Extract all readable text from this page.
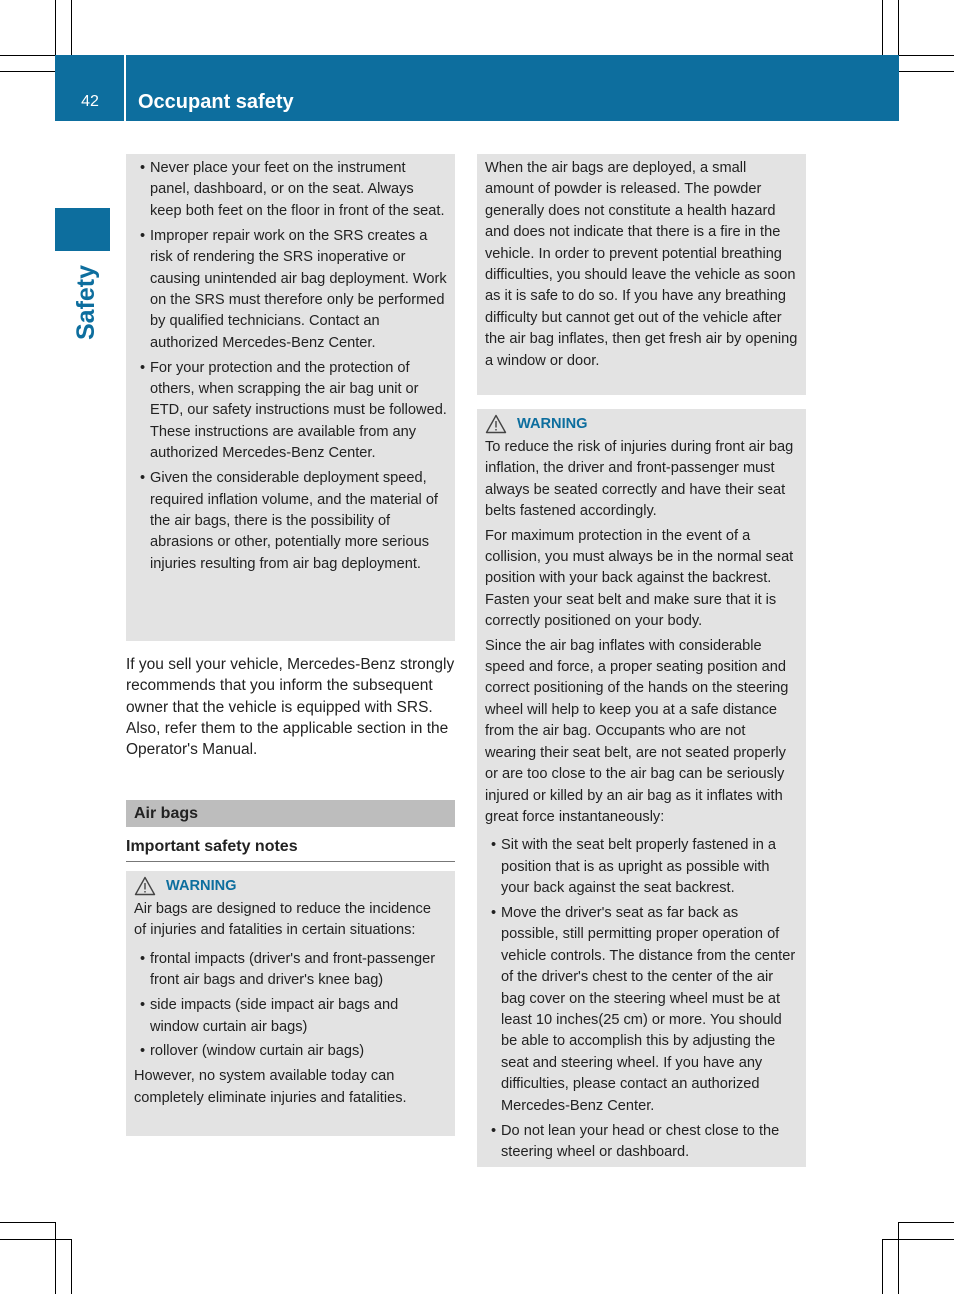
42	Occupant safety
Safety
• Never place your feet on the instrument panel, dashboard, or on the seat. Always keep both feet on the floor in front of the seat.
• Improper repair work on the SRS creates a risk of rendering the SRS inoperative or causing unintended air bag deployment. Work on the SRS must therefore only be performed by qualified technicians. Contact an authorized Mercedes-Benz Center.
• For your protection and the protection of others, when scrapping the air bag unit or ETD, our safety instructions must be followed. These instructions are available from any authorized Mercedes-Benz Center.
• Given the considerable deployment speed, required inflation volume, and the material of the air bags, there is the possibility of abrasions or other, potentially more serious injuries resulting from air bag deployment.

If you sell your vehicle, Mercedes-Benz strongly recommends that you inform the subsequent owner that the vehicle is equipped with SRS. Also, refer them to the applicable section in the Operator's Manual.

Air bags
Important safety notes
WARNING

Air bags are designed to reduce the incidence of injuries and fatalities in certain situations:

• frontal impacts (driver's and front-passenger front air bags and driver's knee bag)
• side impacts (side impact air bags and window curtain air bags)
• rollover (window curtain air bags)

However, no system available today can completely eliminate injuries and fatalities.

When the air bags are deployed, a small amount of powder is released. The powder generally does not constitute a health hazard and does not indicate that there is a fire in the vehicle. In order to prevent potential breathing difficulties, you should leave the vehicle as soon as it is safe to do so. If you have any breathing difficulty but cannot get out of the vehicle after the air bag inflates, then get fresh air by opening a window or door.

WARNING

To reduce the risk of injuries during front air bag inflation, the driver and front-passenger must always be seated correctly and have their seat belts fastened accordingly.

For maximum protection in the event of a collision, you must always be in the normal seat position with your back against the backrest. Fasten your seat belt and make sure that it is correctly positioned on your body.

Since the air bag inflates with considerable speed and force, a proper seating position and correct positioning of the hands on the steering wheel will help to keep you at a safe distance from the air bag. Occupants who are not wearing their seat belt, are not seated properly or are too close to the air bag can be seriously injured or killed by an air bag as it inflates with great force instantaneously:

• Sit with the seat belt properly fastened in a position that is as upright as possible with your back against the seat backrest.
• Move the driver's seat as far back as possible, still permitting proper operation of vehicle controls. The distance from the center of the driver's chest to the center of the air bag cover on the steering wheel must be at least 10 inches(25 cm) or more. You should be able to accomplish this by adjusting the seat and steering wheel. If you have any difficulties, please contact an authorized Mercedes-Benz Center.
• Do not lean your head or chest close to the steering wheel or dashboard.
